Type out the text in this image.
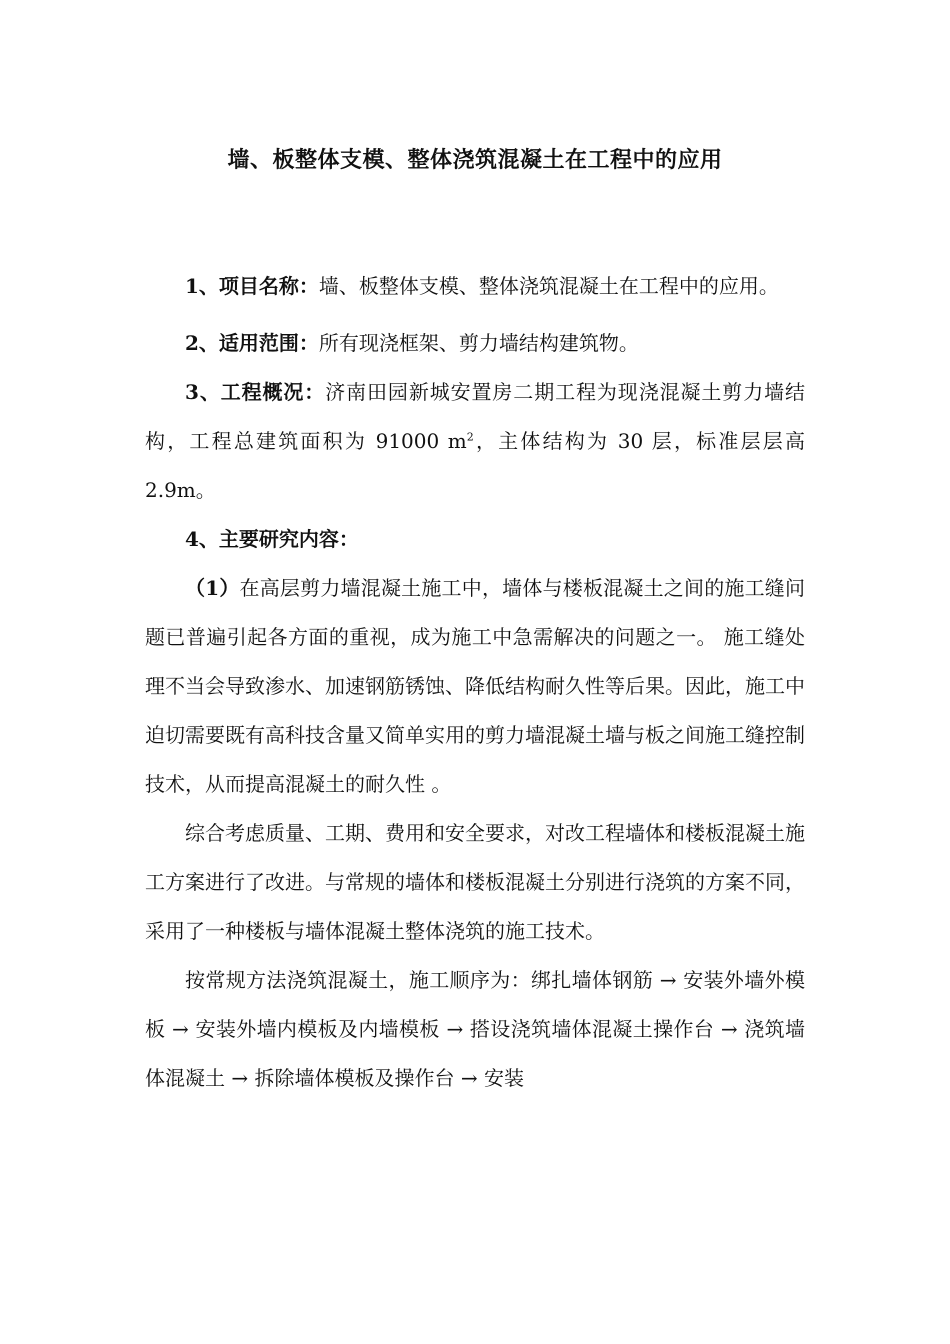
墙、板整体支模、整体浇筑混凝土在工程中的应用

1、项目名称：墙、板整体支模、整体浇筑混凝土在工程中的应用。

2、适用范围：所有现浇框架、剪力墙结构建筑物。

3、工程概况：济南田园新城安置房二期工程为现浇混凝土剪力墙结构，工程总建筑面积为 91000 $m^2$，主体结构为 30 层，标准层层高 2.9m。

4、主要研究内容：

（1）在高层剪力墙混凝土施工中，墙体与楼板混凝土之间的施工缝问题已普遍引起各方面的重视，成为施工中急需解决的问题之一。 施工缝处理不当会导致渗水、加速钢筋锈蚀、降低结构耐久性等后果。因此，施工中迫切需要既有高科技含量又简单实用的剪力墙混凝土墙与板之间施工缝控制技术，从而提高混凝土的耐久性 。

综合考虑质量、工期、费用和安全要求，对改工程墙体和楼板混凝土施工方案进行了改进。与常规的墙体和楼板混凝土分别进行浇筑的方案不同，采用了一种楼板与墙体混凝土整体浇筑的施工技术。

按常规方法浇筑混凝土，施工顺序为：绑扎墙体钢筋 → 安装外墙外模板 → 安装外墙内模板及内墙模板 → 搭设浇筑墙体混凝土操作台 → 浇筑墙体混凝土 → 拆除墙体模板及操作台 → 安装
